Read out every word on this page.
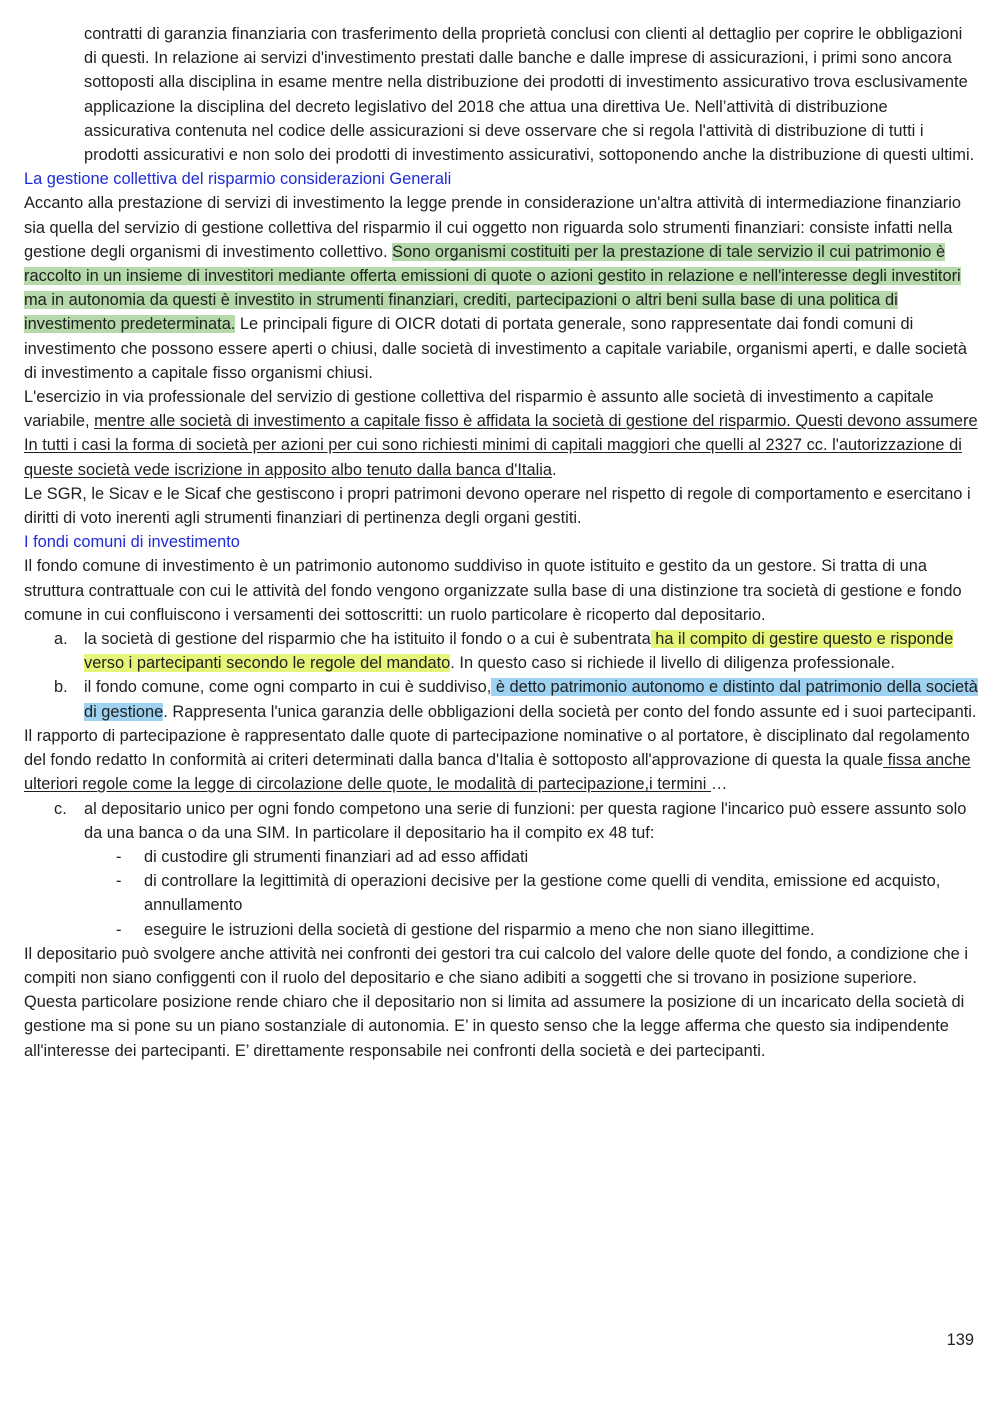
contratti di garanzia finanziaria con trasferimento della proprietà conclusi con clienti al dettaglio per coprire le obbligazioni di questi. In relazione ai servizi d'investimento prestati dalle banche e dalle imprese di assicurazioni, i primi sono ancora sottoposti alla disciplina in esame mentre nella distribuzione dei prodotti di investimento assicurativo trova esclusivamente applicazione la disciplina del decreto legislativo del 2018 che attua una direttiva Ue. Nell’attività di distribuzione assicurativa contenuta nel codice delle assicurazioni si deve osservare che si regola l'attività di distribuzione di tutti i prodotti assicurativi e non solo dei prodotti di investimento assicurativi, sottoponendo anche la distribuzione di questi ultimi.

La gestione collettiva del risparmio considerazioni Generali

Accanto alla prestazione di servizi di investimento la legge prende in considerazione un'altra attività di intermediazione finanziario sia quella del servizio di gestione collettiva del risparmio il cui oggetto non riguarda solo strumenti finanziari: consiste infatti nella gestione degli organismi di investimento collettivo. Sono organismi costituiti per la prestazione di tale servizio il cui patrimonio è raccolto in un insieme di investitori mediante offerta emissioni di quote o azioni gestito in relazione e nell'interesse degli investitori ma in autonomia da questi è investito in strumenti finanziari, crediti, partecipazioni o altri beni sulla base di una politica di investimento predeterminata. Le principali figure di OICR dotati di portata generale, sono rappresentate dai fondi comuni di investimento che possono essere aperti o chiusi, dalle società di investimento a capitale variabile, organismi aperti, e dalle società di investimento a capitale fisso organismi chiusi.

L'esercizio in via professionale del servizio di gestione collettiva del risparmio è assunto alle società di investimento a capitale variabile, mentre alle società di investimento a capitale fisso è affidata la società di gestione del risparmio. Questi devono assumere In tutti i casi la forma di società per azioni per cui sono richiesti minimi di capitali maggiori che quelli al 2327 cc. l'autorizzazione di queste società vede iscrizione in apposito albo tenuto dalla banca d'Italia.

Le SGR, le Sicav e le Sicaf che gestiscono i propri patrimoni devono operare nel rispetto di regole di comportamento e esercitano i diritti di voto inerenti agli strumenti finanziari di pertinenza degli organi gestiti.

I fondi comuni di investimento

Il fondo comune di investimento è un patrimonio autonomo suddiviso in quote istituito e gestito da un gestore. Si tratta di una struttura contrattuale con cui le attività del fondo vengono organizzate sulla base di una distinzione tra società di gestione e fondo comune in cui confluiscono i versamenti dei sottoscritti: un ruolo particolare è ricoperto dal depositario.

a. la società di gestione del risparmio che ha istituito il fondo o a cui è subentrata ha il compito di gestire questo e risponde verso i partecipanti secondo le regole del mandato. In questo caso si richiede il livello di diligenza professionale.

b. il fondo comune, come ogni comparto in cui è suddiviso, è detto patrimonio autonomo e distinto dal patrimonio della società di gestione. Rappresenta l'unica garanzia delle obbligazioni della società per conto del fondo assunte ed i suoi partecipanti.

Il rapporto di partecipazione è rappresentato dalle quote di partecipazione nominative o al portatore, è disciplinato dal regolamento del fondo redatto In conformità ai criteri determinati dalla banca d'Italia è sottoposto all'approvazione di questa la quale fissa anche ulteriori regole come la legge di circolazione delle quote, le modalità di partecipazione,i termini …

c. al depositario unico per ogni fondo competono una serie di funzioni: per questa ragione l'incarico può essere assunto solo da una banca o da una SIM. In particolare il depositario ha il compito ex 48 tuf:

- di custodire gli strumenti finanziari ad ad esso affidati

- di controllare la legittimità di operazioni decisive per la gestione come quelli di vendita, emissione ed acquisto, annullamento

- eseguire le istruzioni della società di gestione del risparmio a meno che non siano illegittime.

Il depositario può svolgere anche attività nei confronti dei gestori tra cui calcolo del valore delle quote del fondo, a condizione che i compiti non siano configgenti con il ruolo del depositario e che siano adibiti a soggetti che si trovano in posizione superiore.

Questa particolare posizione rende chiaro che il depositario non si limita ad assumere la posizione di un incaricato della società di gestione ma si pone su un piano sostanziale di autonomia. E’ in questo senso che la legge afferma che questo sia indipendente all'interesse dei partecipanti. E’ direttamente responsabile nei confronti della società e dei partecipanti.

139
